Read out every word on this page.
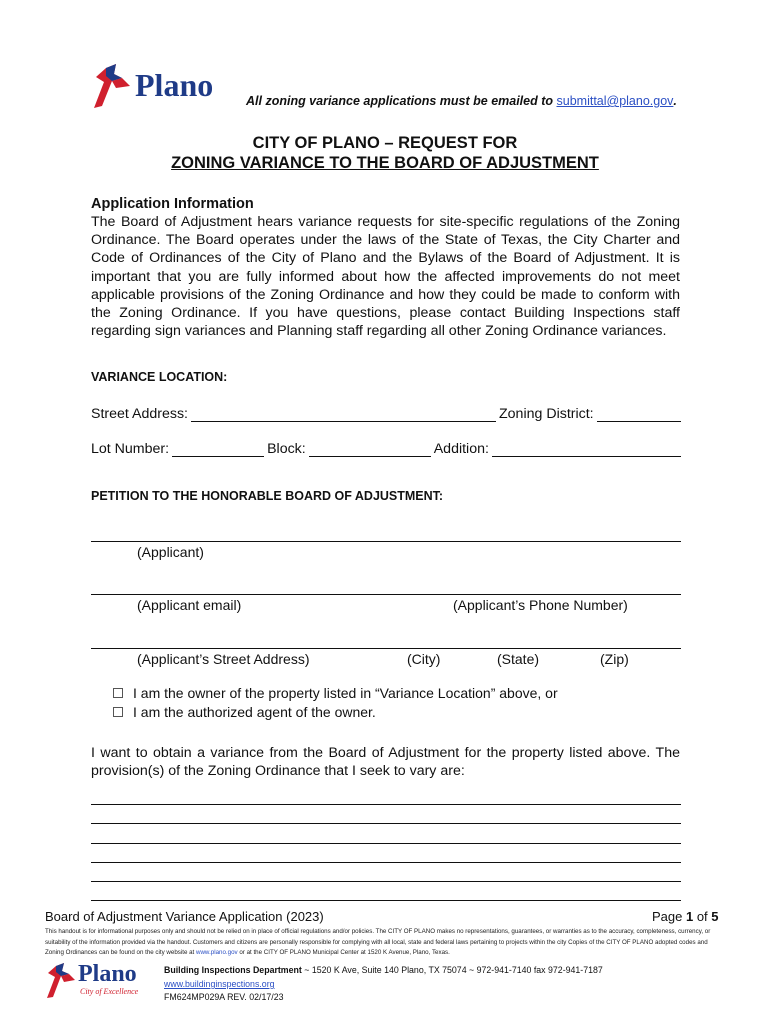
Plano	All zoning variance applications must be emailed to submittal@plano.gov.
CITY OF PLANO – REQUEST FOR
ZONING VARIANCE TO THE BOARD OF ADJUSTMENT
Application Information
The Board of Adjustment hears variance requests for site-specific regulations of the Zoning Ordinance. The Board operates under the laws of the State of Texas, the City Charter and Code of Ordinances of the City of Plano and the Bylaws of the Board of Adjustment. It is important that you are fully informed about how the affected improvements do not meet applicable provisions of the Zoning Ordinance and how they could be made to conform with the Zoning Ordinance. If you have questions, please contact Building Inspections staff regarding sign variances and Planning staff regarding all other Zoning Ordinance variances.
VARIANCE LOCATION:
Street Address:	Zoning District:
Lot Number:	Block:	Addition:
PETITION TO THE HONORABLE BOARD OF ADJUSTMENT:
(Applicant)
(Applicant email)	(Applicant’s Phone Number)
(Applicant’s Street Address)	(City)	(State)	(Zip)
I am the owner of the property listed in “Variance Location” above, or
I am the authorized agent of the owner.
I want to obtain a variance from the Board of Adjustment for the property listed above. The provision(s) of the Zoning Ordinance that I seek to vary are:
Board of Adjustment Variance Application (2023)	Page 1 of 5
This handout is for informational purposes only and should not be relied on in place of official regulations and/or policies. The CITY OF PLANO makes no representations, guarantees, or warranties as to the accuracy, completeness, currency, or suitability of the information provided via the handout. Customers and citizens are personally responsible for complying with all local, state and federal laws pertaining to projects within the city Copies of the CITY OF PLANO adopted codes and Zoning Ordinances can be found on the city website at www.plano.gov or at the CITY OF PLANO Municipal Center at 1520 K Avenue, Plano, Texas.
Plano
City of Excellence
Building Inspections Department ~ 1520 K Ave, Suite 140 Plano, TX 75074 ~ 972-941-7140 fax 972-941-7187
www.buildinginspections.org
FM624MP029A REV. 02/17/23
